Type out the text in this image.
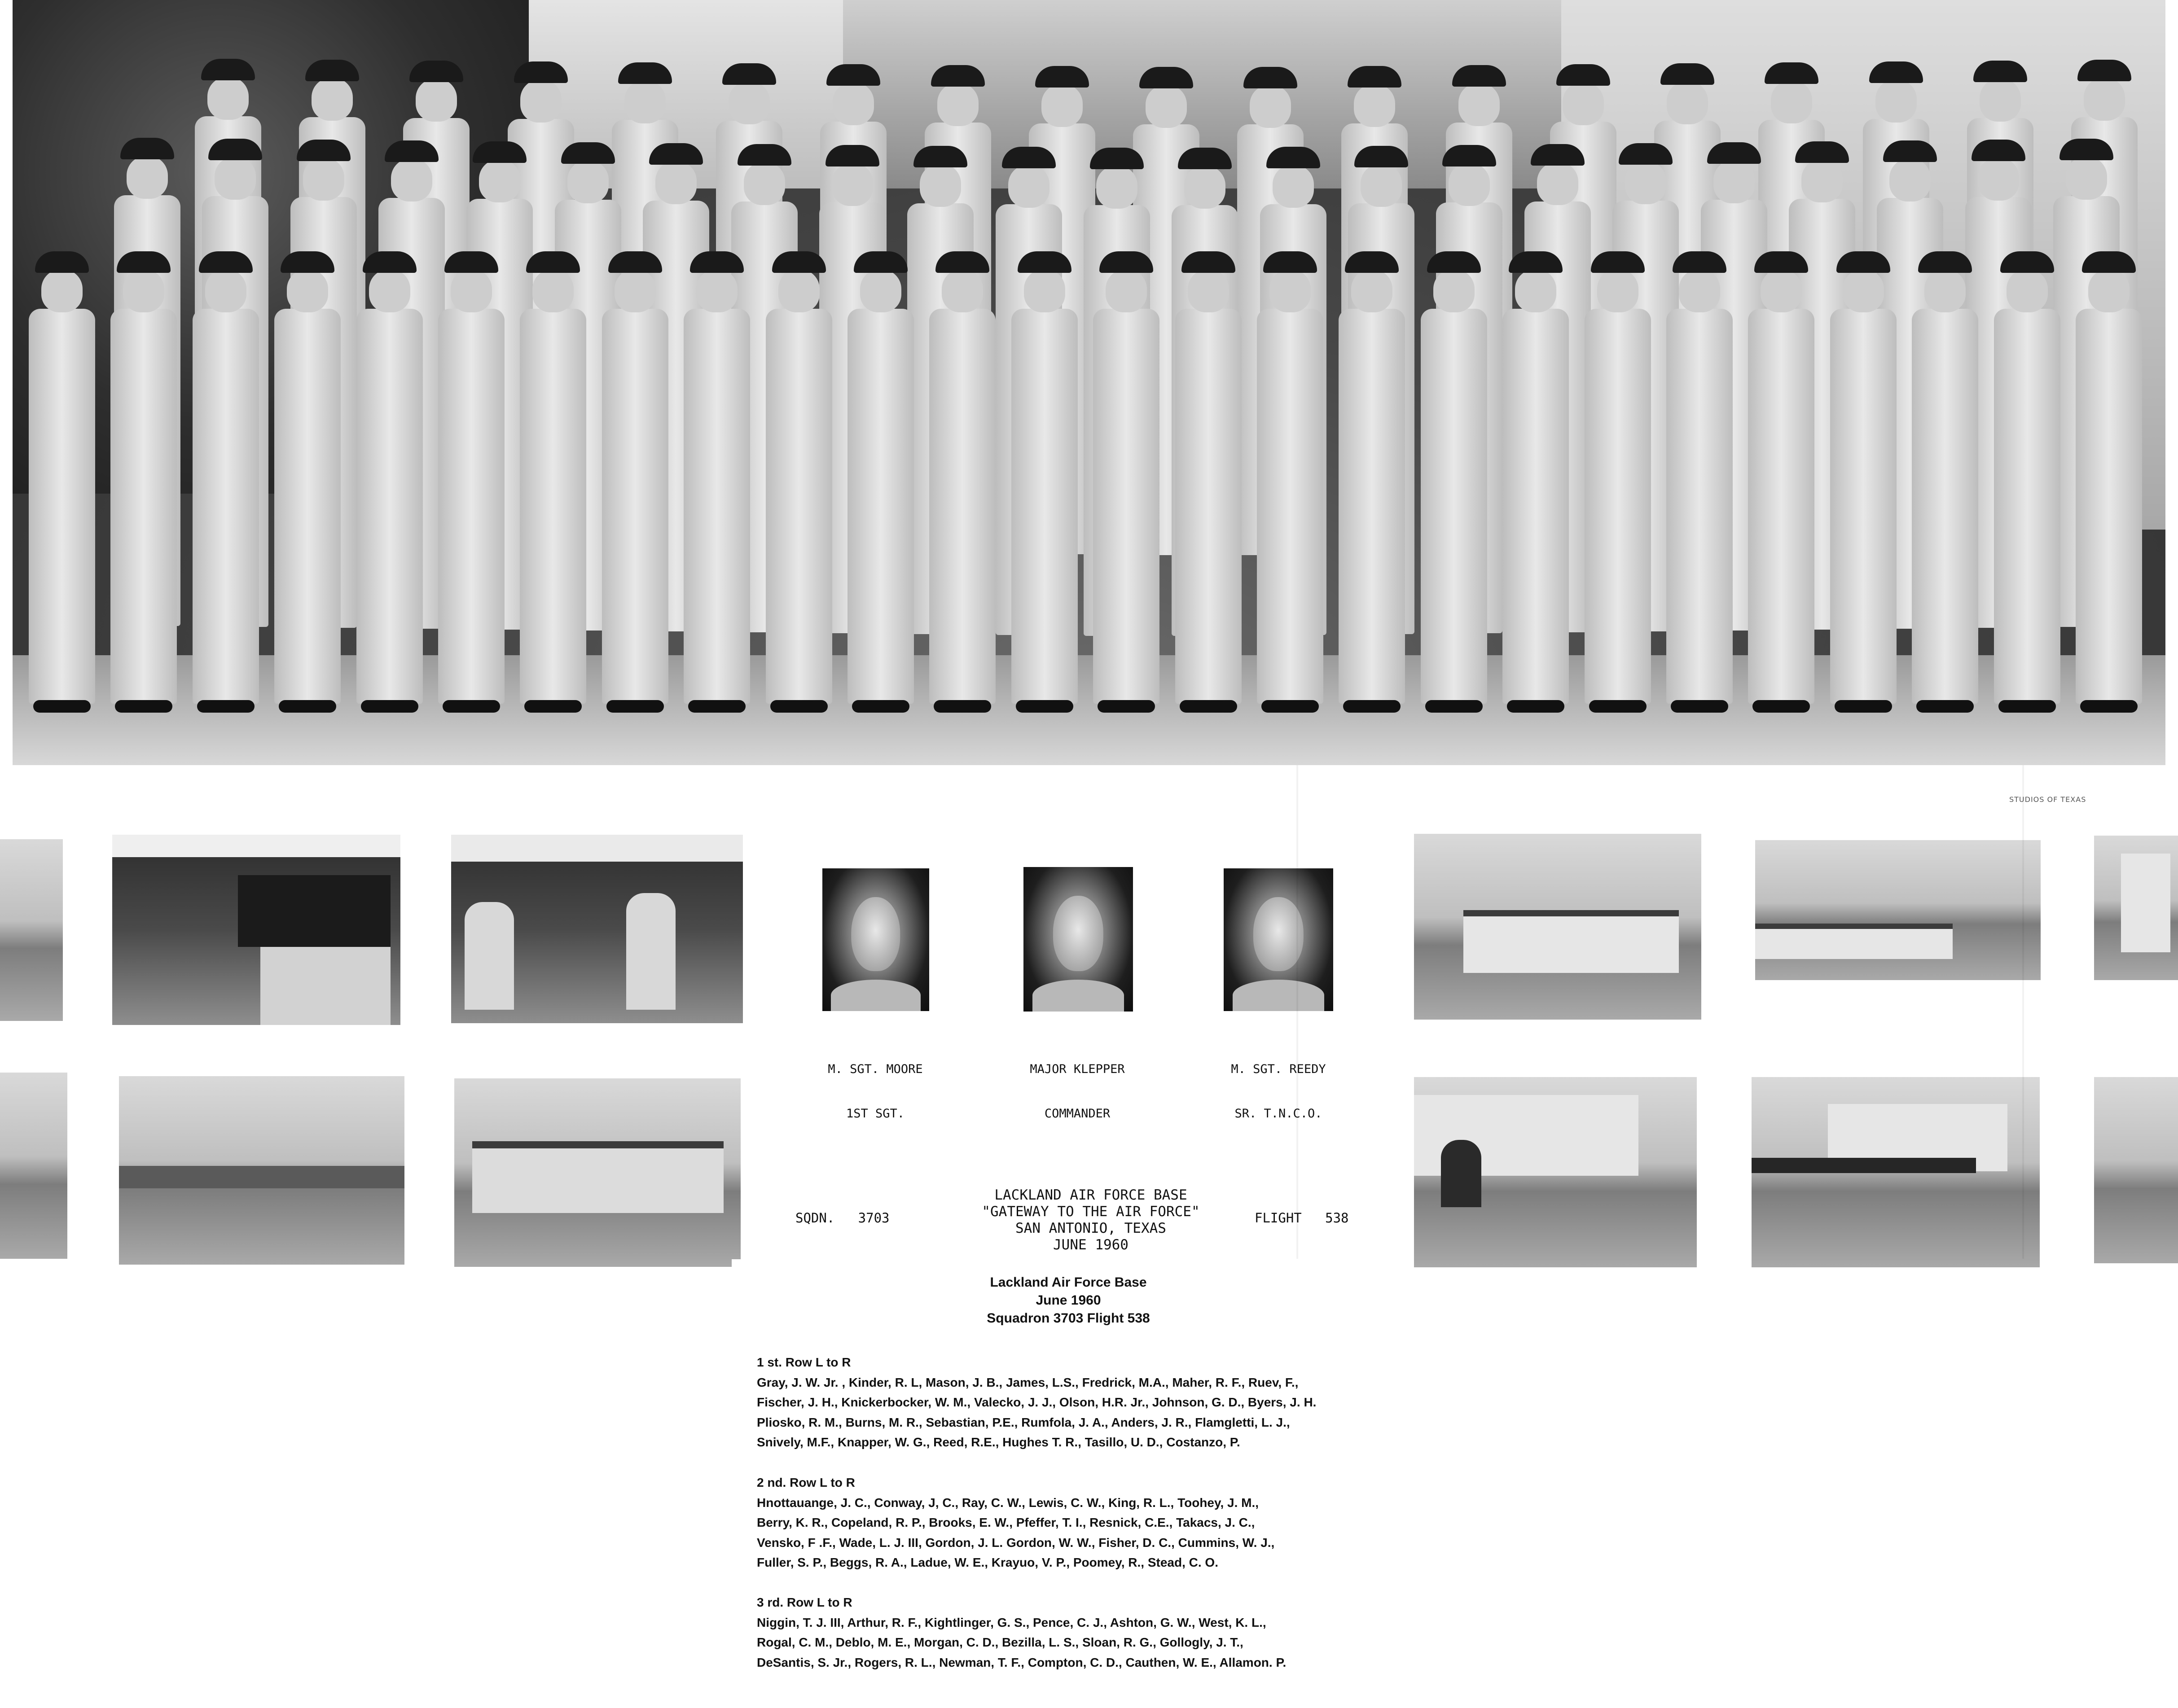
STUDIOS OF TEXAS

M. SGT. MOORE

1ST SGT.

MAJOR KLEPPER

COMMANDER

M. SGT. REEDY

SR. T.N.C.O.

SQDN.   3703
LACKLAND AIR FORCE BASE
"GATEWAY TO THE AIR FORCE"
SAN ANTONIO, TEXAS
JUNE 1960
FLIGHT   538
Lackland Air Force Base
June 1960
Squadron 3703 Flight 538
1 st. Row L to R
Gray, J. W. Jr. , Kinder, R. L, Mason, J. B., James, L.S., Fredrick, M.A., Maher, R. F., Ruev, F.,
Fischer, J. H., Knickerbocker, W. M., Valecko, J. J., Olson, H.R. Jr., Johnson, G. D., Byers, J. H.
Pliosko, R. M., Burns, M. R., Sebastian, P.E., Rumfola, J. A., Anders, J. R., Flamgletti, L. J.,
Snively, M.F., Knapper, W. G., Reed, R.E., Hughes T. R., Tasillo, U. D., Costanzo, P.
2 nd. Row L to R
Hnottauange, J. C., Conway, J, C., Ray, C. W., Lewis, C. W., King, R. L., Toohey, J. M.,
Berry, K. R., Copeland, R. P., Brooks, E. W., Pfeffer, T. I., Resnick, C.E., Takacs, J. C.,
Vensko, F .F., Wade, L. J. III, Gordon, J. L. Gordon, W. W., Fisher, D. C., Cummins, W. J.,
Fuller, S. P., Beggs, R. A., Ladue, W. E., Krayuo, V. P., Poomey, R., Stead, C. O.
3 rd. Row L to R
Niggin, T. J. III, Arthur, R. F., Kightlinger, G. S., Pence, C. J., Ashton, G. W., West, K. L.,
Rogal, C. M., Deblo, M. E., Morgan, C. D., Bezilla, L. S., Sloan, R. G., Gollogly, J. T.,
DeSantis, S. Jr., Rogers, R. L., Newman, T. F., Compton, C. D., Cauthen, W. E., Allamon. P.
